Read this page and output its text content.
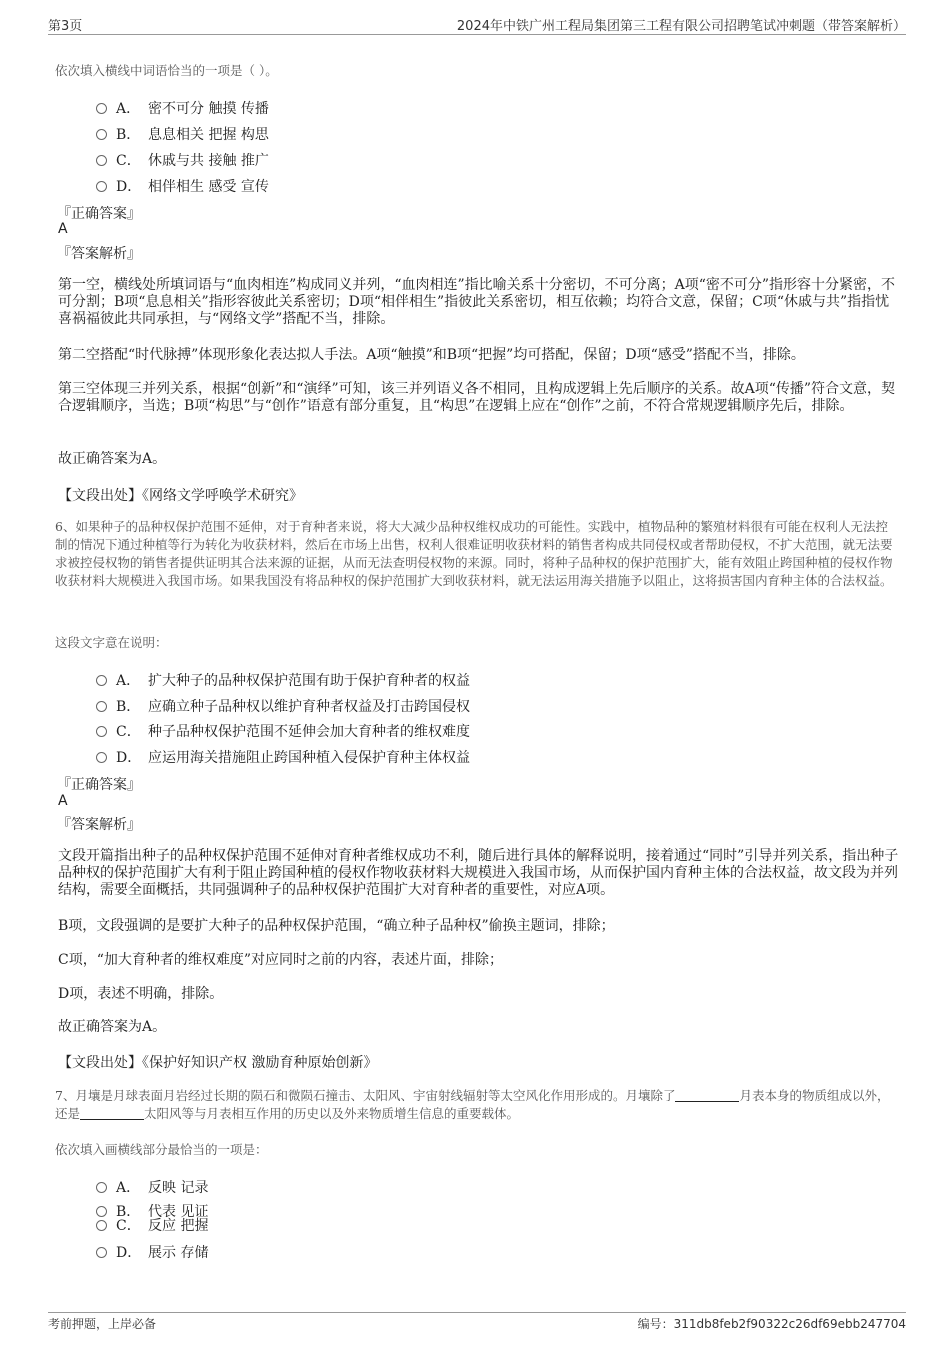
第3页	2024年中铁广州工程局集团第三工程有限公司招聘笔试冲刺题（带答案解析）
依次填入横线中词语恰当的一项是（ ）。
A． 密不可分 触摸 传播
B． 息息相关 把握 构思
C． 休戚与共 接触 推广
D． 相伴相生 感受 宣传
『正确答案』
A
『答案解析』
第一空，横线处所填词语与“血肉相连”构成同义并列，“血肉相连”指比喻关系十分密切，不可分离；A项“密不可分”指形容十分紧密，不可分割；B项“息息相关”指形容彼此关系密切；D项“相伴相生”指彼此关系密切，相互依赖；均符合文意，保留；C项“休戚与共”指指忧喜祸福彼此共同承担，与“网络文学”搭配不当，排除。
第二空搭配“时代脉搏”体现形象化表达拟人手法。A项“触摸”和B项“把握”均可搭配，保留；D项“感受”搭配不当，排除。
第三空体现三并列关系，根据“创新”和“演绎”可知，该三并列语义各不相同，且构成逻辑上先后顺序的关系。故A项“传播”符合文意，契合逻辑顺序，当选；B项“构思”与“创作”语意有部分重复，且“构思”在逻辑上应在“创作”之前，不符合常规逻辑顺序先后，排除。
故正确答案为A。
【文段出处】《网络文学呼唤学术研究》
6、如果种子的品种权保护范围不延伸，对于育种者来说，将大大减少品种权维权成功的可能性。实践中，植物品种的繁殖材料很有可能在权利人无法控制的情况下通过种植等行为转化为收获材料，然后在市场上出售，权利人很难证明收获材料的销售者构成共同侵权或者帮助侵权，不扩大范围，就无法要求被控侵权物的销售者提供证明其合法来源的证据，从而无法查明侵权物的来源。同时，将种子品种权的保护范围扩大，能有效阻止跨国种植的侵权作物收获材料大规模进入我国市场。如果我国没有将品种权的保护范围扩大到收获材料，就无法运用海关措施予以阻止，这将损害国内育种主体的合法权益。
这段文字意在说明：
A． 扩大种子的品种权保护范围有助于保护育种者的权益
B． 应确立种子品种权以维护育种者权益及打击跨国侵权
C． 种子品种权保护范围不延伸会加大育种者的维权难度
D． 应运用海关措施阻止跨国种植入侵保护育种主体权益
『正确答案』
A
『答案解析』
文段开篇指出种子的品种权保护范围不延伸对育种者维权成功不利，随后进行具体的解释说明，接着通过“同时”引导并列关系，指出种子品种权的保护范围扩大有利于阻止跨国种植的侵权作物收获材料大规模进入我国市场，从而保护国内育种主体的合法权益，故文段为并列结构，需要全面概括，共同强调种子的品种权保护范围扩大对育种者的重要性，对应A项。
B项，文段强调的是要扩大种子的品种权保护范围，“确立种子品种权”偷换主题词，排除；
C项，“加大育种者的维权难度”对应同时之前的内容，表述片面，排除；
D项，表述不明确，排除。
故正确答案为A。
【文段出处】《保护好知识产权 激励育种原始创新》
7、月壤是月球表面月岩经过长期的陨石和微陨石撞击、太阳风、宇宙射线辐射等太空风化作用形成的。月壤除了	月表本身的物质组成以外，还是	太阳风等与月表相互作用的历史以及外来物质增生信息的重要载体。
依次填入画横线部分最恰当的一项是：
A． 反映 记录
B． 代表 见证
C． 反应 把握
D． 展示 存储
考前押题，上岸必备	编号：311db8feb2f90322c26df69ebb247704
